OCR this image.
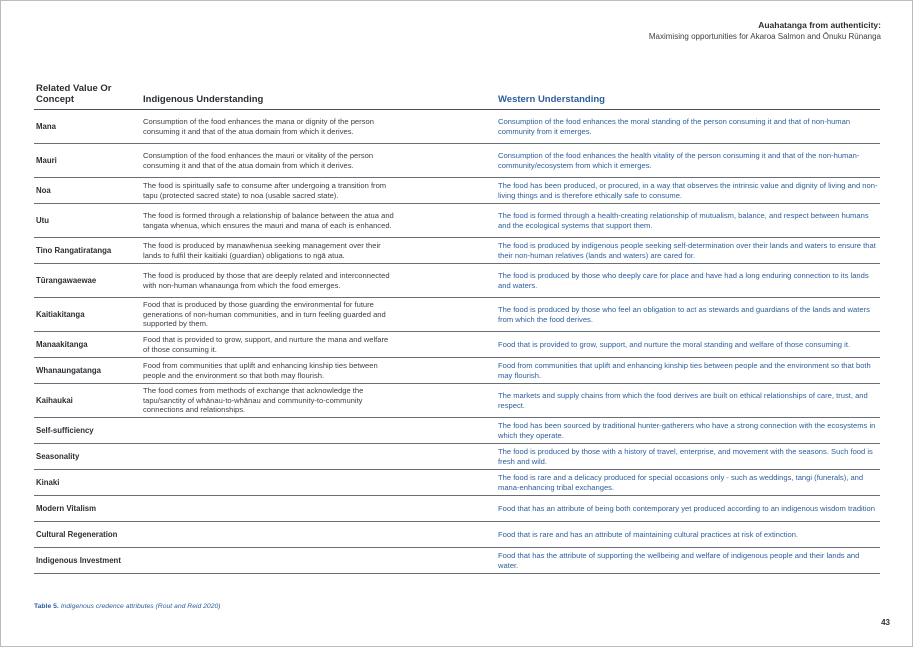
Auahatanga from authenticity:
Maximising opportunities for Akaroa Salmon and Ōnuku Rūnanga
Related Value Or Concept	Indigenous Understanding	Western Understanding
Mana	Consumption of the food enhances the mana or dignity of the person consuming it and that of the atua domain from which it derives.	Consumption of the food enhances the moral standing of the person consuming it and that of non-human community from it emerges.
Mauri	Consumption of the food enhances the mauri or vitality of the person consuming it and that of the atua domain from which it derives.	Consumption of the food enhances the health vitality of the person consuming it and that of the non-human-community/ecosystem from which it emerges.
Noa	The food is spiritually safe to consume after undergoing a transition from tapu (protected sacred state) to noa (usable sacred state).	The food has been produced, or procured, in a way that observes the intrinsic value and dignity of living and non-living things and is therefore ethically safe to consume.
Utu	The food is formed through a relationship of balance between the atua and tangata whenua, which ensures the mauri and mana of each is enhanced.	The food is formed through a health-creating relationship of mutualism, balance, and respect between humans and the ecological systems that support them.
Tino Rangatiratanga	The food is produced by manawhenua seeking management over their lands to fulfil their kaitiaki (guardian) obligations to ngā atua.	The food is produced by indigenous people seeking self-determination over their lands and waters to ensure that their non-human relatives (lands and waters) are cared for.
Tūrangawaewae	The food is produced by those that are deeply related and interconnected with non-human whanaunga from which the food emerges.	The food is produced by those who deeply care for place and have had a long enduring connection to its lands and waters.
Kaitiakitanga	Food that is produced by those guarding the environmental for future generations of non-human communities, and in turn feeling guarded and supported by them.	The food is produced by those who feel an obligation to act as stewards and guardians of the lands and waters from which the food derives.
Manaakitanga	Food that is provided to grow, support, and nurture the mana and welfare of those consuming it.	Food that is provided to grow, support, and nurture the moral standing and welfare of those consuming it.
Whanaungatanga	Food from communities that uplift and enhancing kinship ties between people and the environment so that both may flourish.	Food from communities that uplift and enhancing kinship ties between people and the environment so that both may flourish.
Kaihaukai	The food comes from methods of exchange that acknowledge the tapu/sanctity of whānau-to-whānau and community-to-community connections and relationships.	The markets and supply chains from which the food derives are built on ethical relationships of care, trust, and respect.
Self-sufficiency		The food has been sourced by traditional hunter-gatherers who have a strong connection with the ecosystems in which they operate.
Seasonality		The food is produced by those with a history of travel, enterprise, and movement with the seasons. Such food is fresh and wild.
Kinaki		The food is rare and a delicacy produced for special occasions only - such as weddings, tangi (funerals), and mana-enhancing tribal exchanges.
Modern Vitalism		Food that has an attribute of being both contemporary yet produced according to an indigenous wisdom tradition
Cultural Regeneration		Food that is rare and has an attribute of maintaining cultural practices at risk of extinction.
Indigenous Investment		Food that has the attribute of supporting the wellbeing and welfare of indigenous people and their lands and water.
Table 5. Indigenous credence attributes (Rout and Reid 2020)
43
